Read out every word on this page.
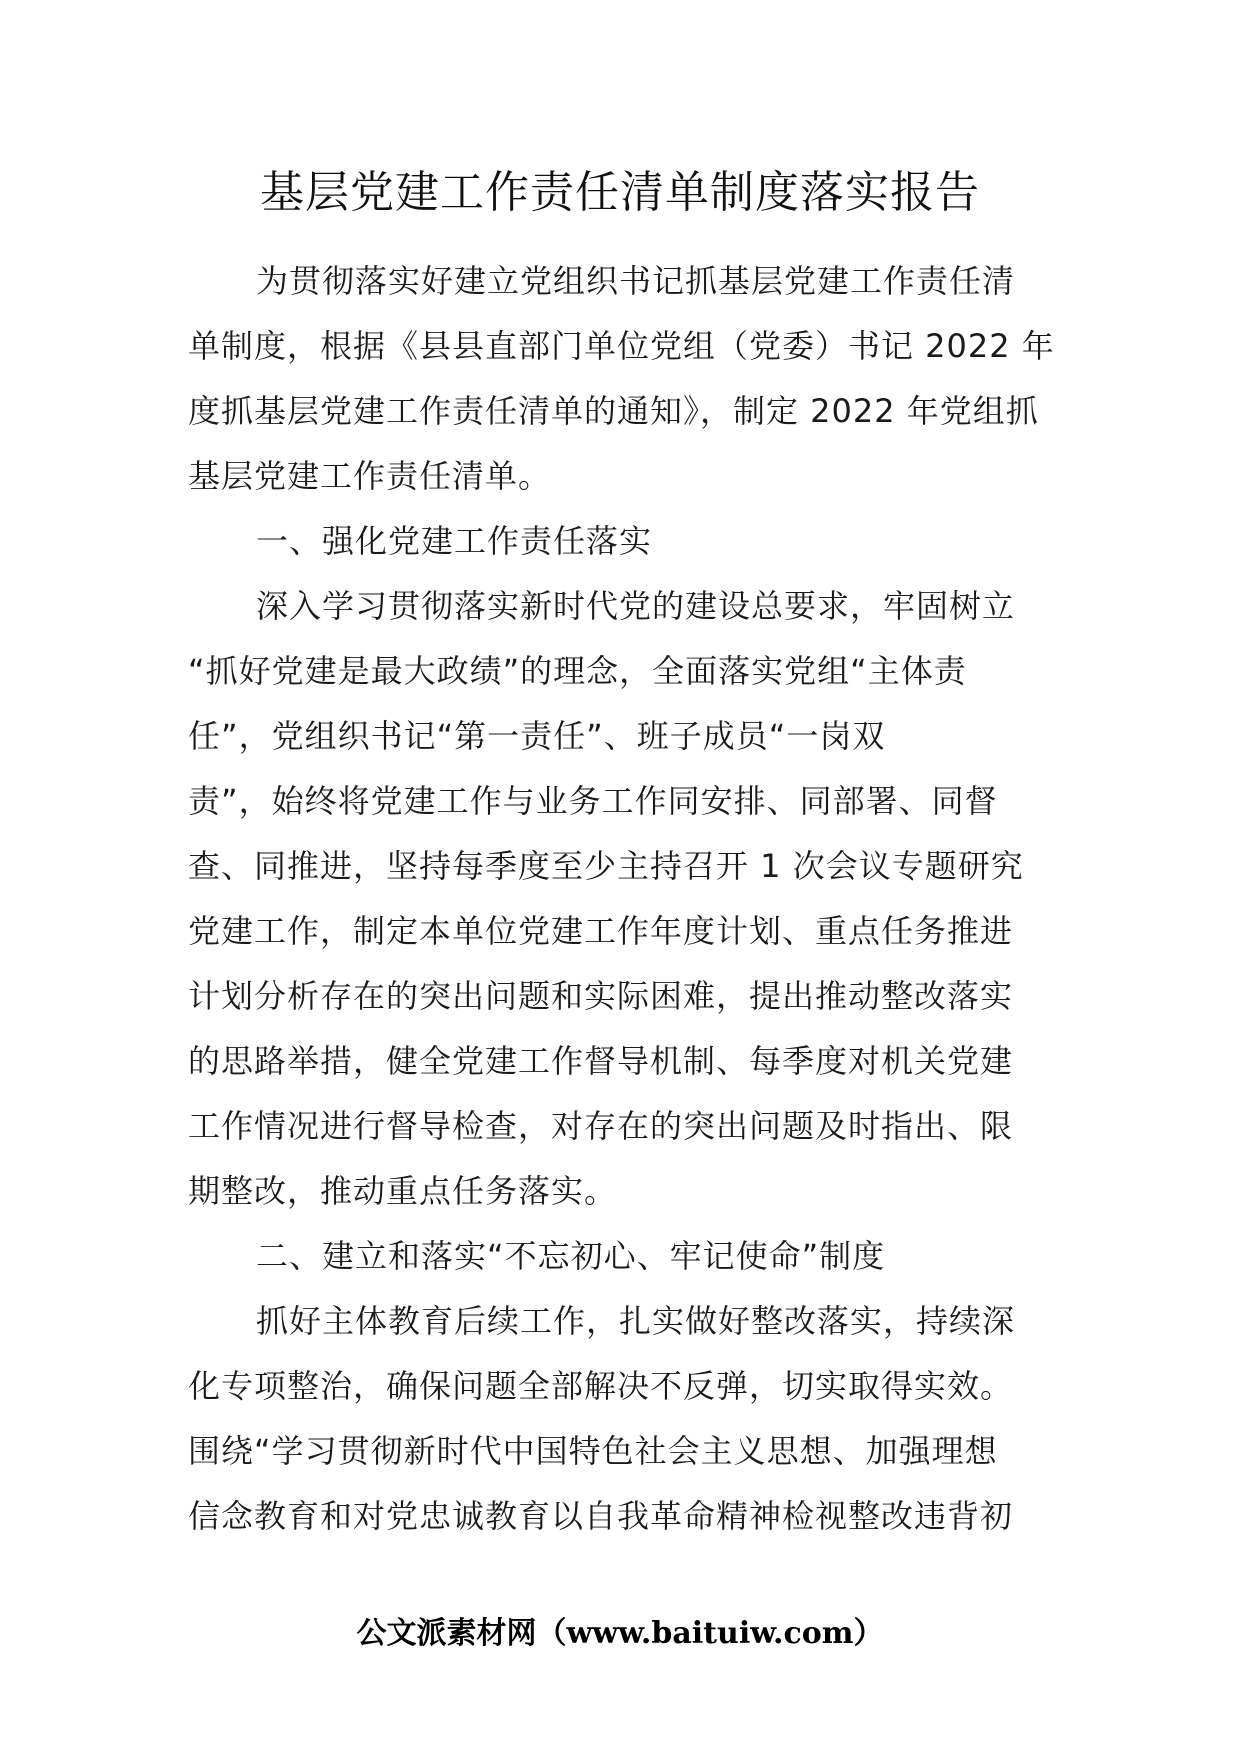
基层党建工作责任清单制度落实报告
为贯彻落实好建立党组织书记抓基层党建工作责任清
单制度，根据《县县直部门单位党组（党委）书记 2022 年
度抓基层党建工作责任清单的通知》，制定 2022 年党组抓
基层党建工作责任清单。
一、强化党建工作责任落实
深入学习贯彻落实新时代党的建设总要求，牢固树立
“抓好党建是最大政绩”的理念，全面落实党组“主体责
任”，党组织书记“第一责任”、班子成员“一岗双
责”，始终将党建工作与业务工作同安排、同部署、同督
查、同推进，坚持每季度至少主持召开 1 次会议专题研究
党建工作，制定本单位党建工作年度计划、重点任务推进
计划分析存在的突出问题和实际困难，提出推动整改落实
的思路举措，健全党建工作督导机制、每季度对机关党建
工作情况进行督导检查，对存在的突出问题及时指出、限
期整改，推动重点任务落实。
二、建立和落实“不忘初心、牢记使命”制度
抓好主体教育后续工作，扎实做好整改落实，持续深
化专项整治，确保问题全部解决不反弹，切实取得实效。
围绕“学习贯彻新时代中国特色社会主义思想、加强理想
信念教育和对党忠诚教育以自我革命精神检视整改违背初
公文派素材网（www.baituiw.com）
